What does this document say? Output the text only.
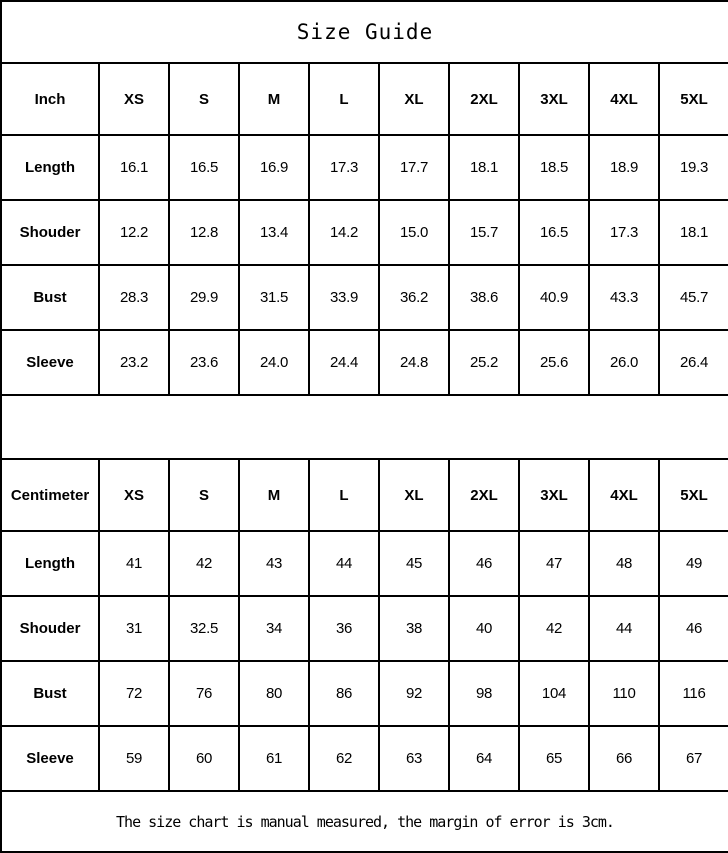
Size Guide									
Inch	XS	S	M	L	XL	2XL	3XL	4XL	5XL
Length	16.1	16.5	16.9	17.3	17.7	18.1	18.5	18.9	19.3
Shouder	12.2	12.8	13.4	14.2	15.0	15.7	16.5	17.3	18.1
Bust	28.3	29.9	31.5	33.9	36.2	38.6	40.9	43.3	45.7
Sleeve	23.2	23.6	24.0	24.4	24.8	25.2	25.6	26.0	26.4

Centimeter	XS	S	M	L	XL	2XL	3XL	4XL	5XL
Length	41	42	43	44	45	46	47	48	49
Shouder	31	32.5	34	36	38	40	42	44	46
Bust	72	76	80	86	92	98	104	110	116
Sleeve	59	60	61	62	63	64	65	66	67
The size chart is manual measured, the margin of error is 3cm.									
